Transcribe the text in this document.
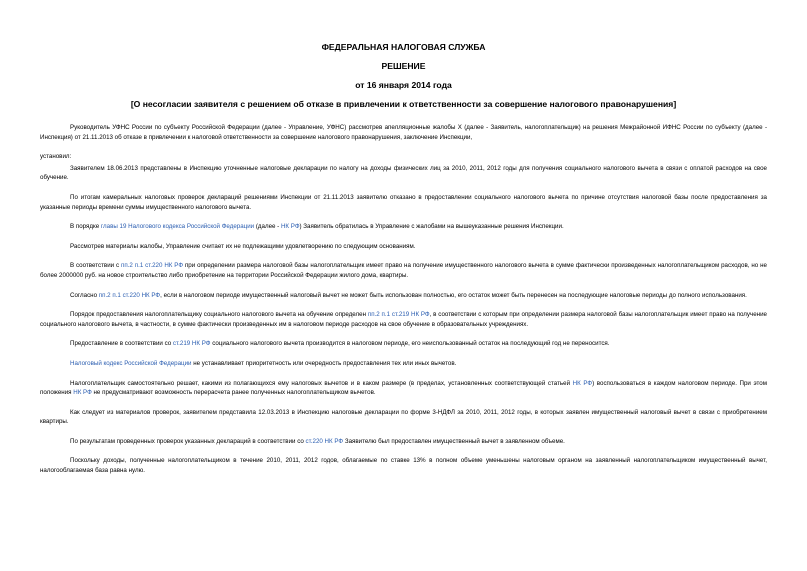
ФЕДЕРАЛЬНАЯ НАЛОГОВАЯ СЛУЖБА
РЕШЕНИЕ
от 16 января 2014 года
[О несогласии заявителя с решением об отказе в привлечении к ответственности за совершение налогового правонарушения]
Руководитель УФНС России по субъекту Российской Федерации (далее - Управление, УФНС) рассмотрев апелляционные жалобы X (далее - Заявитель, налогоплательщик) на решения Межрайонной ИФНС России по субъекту (далее - Инспекция) от 21.11.2013 об отказе в привлечении к налоговой ответственности за совершение налогового правонарушения, заключение Инспекции,
установил:
Заявителем 18.06.2013 представлены в Инспекцию уточненные налоговые декларации по налогу на доходы физических лиц за 2010, 2011, 2012 годы для получения социального налогового вычета в связи с оплатой расходов на свое обучение.
По итогам камеральных налоговых проверок деклараций решениями Инспекции от 21.11.2013 заявителю отказано в предоставлении социального налогового вычета по причине отсутствия налоговой базы после предоставления за указанные периоды времени суммы имущественного налогового вычета.
В порядке главы 19 Налогового кодекса Российской Федерации (далее - НК РФ) Заявитель обратилась в Управление с жалобами на вышеуказанные решения Инспекции.
Рассмотрев материалы жалобы, Управление считает их не подлежащими удовлетворению по следующим основаниям.
В соответствии с пп.2 п.1 ст.220 НК РФ при определении размера налоговой базы налогоплательщик имеет право на получение имущественного налогового вычета в сумме фактически произведенных налогоплательщиком расходов, но не более 2000000 руб. на новое строительство либо приобретение на территории Российской Федерации жилого дома, квартиры.
Согласно пп.2 п.1 ст.220 НК РФ, если в налоговом периоде имущественный налоговый вычет не может быть использован полностью, его остаток может быть перенесен на последующие налоговые периоды до полного использования.
Порядок предоставления налогоплательщику социального налогового вычета на обучение определен пп.2 п.1 ст.219 НК РФ, в соответствии с которым при определении размера налоговой базы налогоплательщик имеет право на получение социального налогового вычета, в частности, в сумме фактически произведенных им в налоговом периоде расходов на свое обучение в образовательных учреждениях.
Предоставление в соответствии со ст.219 НК РФ социального налогового вычета производится в налоговом периоде, его неиспользованный остаток на последующий год не переносится.
Налоговый кодекс Российской Федерации не устанавливает приоритетность или очередность предоставления тех или иных вычетов.
Налогоплательщик самостоятельно решает, какими из полагающихся ему налоговых вычетов и в каком размере (в пределах, установленных соответствующей статьей НК РФ) воспользоваться в каждом налоговом периоде. При этом положения НК РФ не предусматривают возможность перерасчета ранее полученных налогоплательщиком вычетов.
Как следует из материалов проверок, заявителем представила 12.03.2013 в Инспекцию налоговые декларации по форме 3-НДФЛ за 2010, 2011, 2012 годы, в которых заявлен имущественный налоговый вычет в связи с приобретением квартиры.
По результатам проведенных проверок указанных деклараций в соответствии со ст.220 НК РФ Заявителю был предоставлен имущественный вычет в заявленном объеме.
Поскольку доходы, полученные налогоплательщиком в течение 2010, 2011, 2012 годов, облагаемые по ставке 13% в полном объеме уменьшены налоговым органом на заявленный налогоплательщиком имущественный вычет, налогооблагаемая база равна нулю.
